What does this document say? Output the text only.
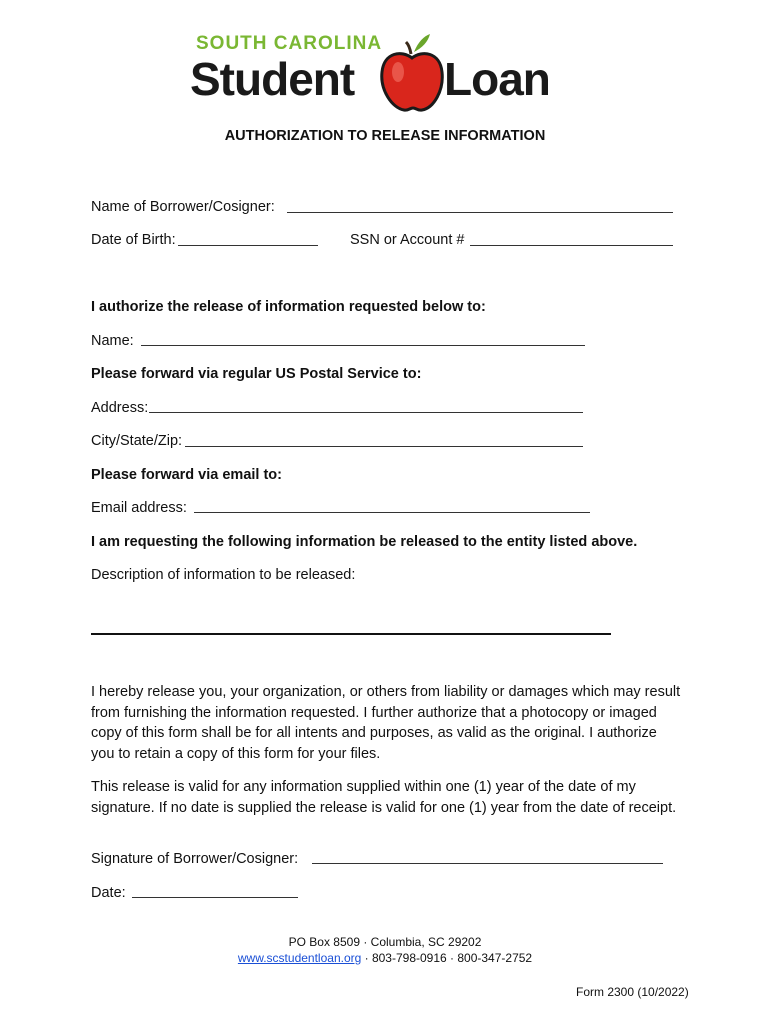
SOUTH CAROLINA
Student Loan
AUTHORIZATION TO RELEASE INFORMATION
Name of Borrower/Cosigner:
Date of Birth:	SSN or Account #
I authorize the release of information requested below to:
Name:
Please forward via regular US Postal Service to:
Address:
City/State/Zip:
Please forward via email to:
Email address:
I am requesting the following information be released to the entity listed above.
Description of information to be released:
I hereby release you, your organization, or others from liability or damages which may result from furnishing the information requested. I further authorize that a photocopy or imaged copy of this form shall be for all intents and purposes, as valid as the original. I authorize you to retain a copy of this form for your files.
This release is valid for any information supplied within one (1) year of the date of my signature. If no date is supplied the release is valid for one (1) year from the date of receipt.
Signature of Borrower/Cosigner:
Date:
PO Box 8509 · Columbia, SC 29202
www.scstudentloan.org · 803-798-0916 · 800-347-2752
Form 2300 (10/2022)
